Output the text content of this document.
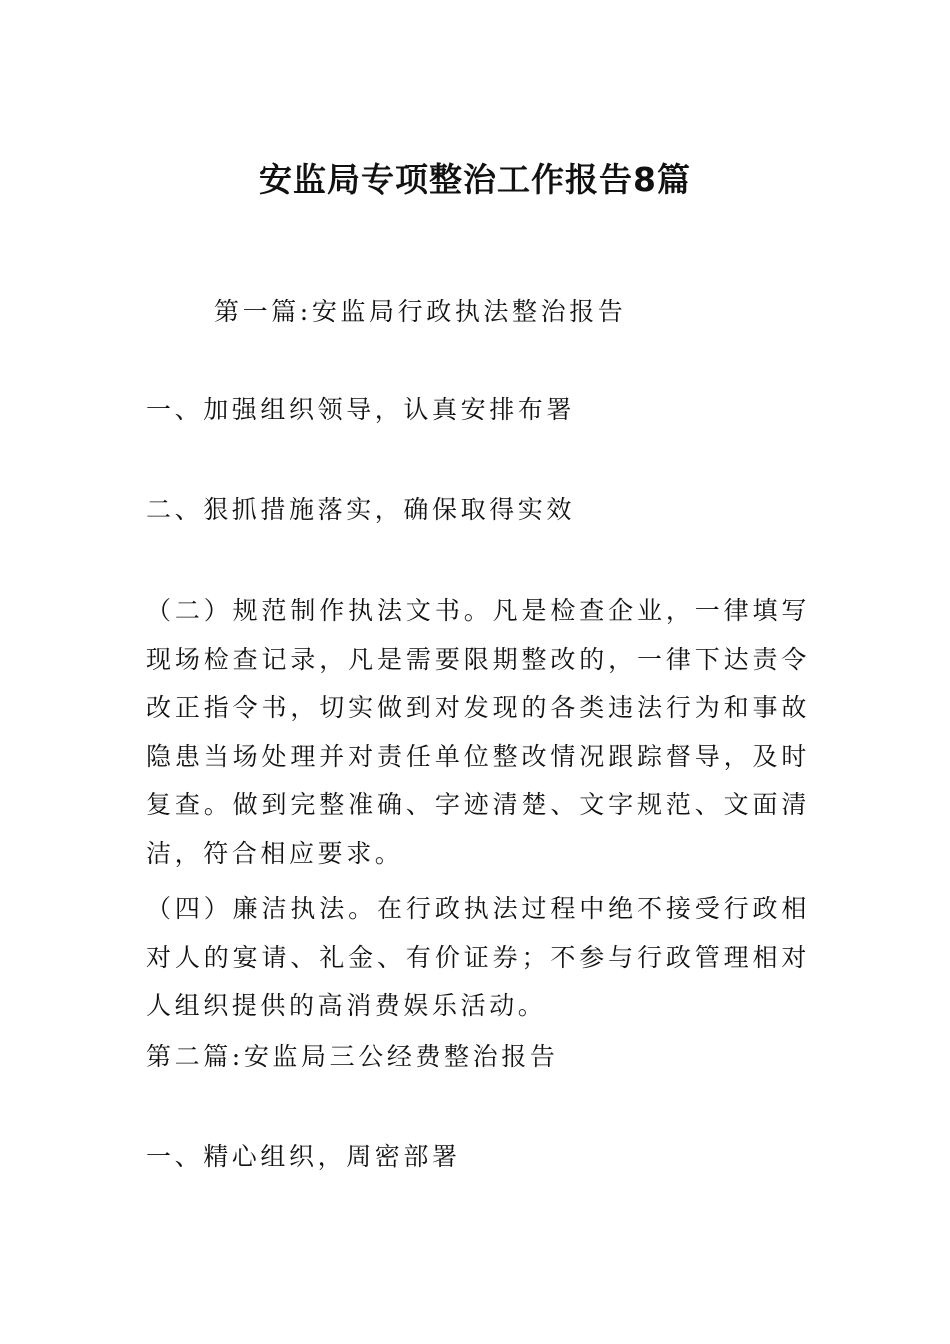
安监局专项整治工作报告8篇

第一篇:安监局行政执法整治报告

一、加强组织领导，认真安排布署

二、狠抓措施落实，确保取得实效

（二）规范制作执法文书。凡是检查企业，一律填写现场检查记录，凡是需要限期整改的，一律下达责令改正指令书，切实做到对发现的各类违法行为和事故隐患当场处理并对责任单位整改情况跟踪督导，及时复查。做到完整准确、字迹清楚、文字规范、文面清洁，符合相应要求。

（四）廉洁执法。在行政执法过程中绝不接受行政相对人的宴请、礼金、有价证券；不参与行政管理相对人组织提供的高消费娱乐活动。

第二篇:安监局三公经费整治报告

一、精心组织，周密部署
